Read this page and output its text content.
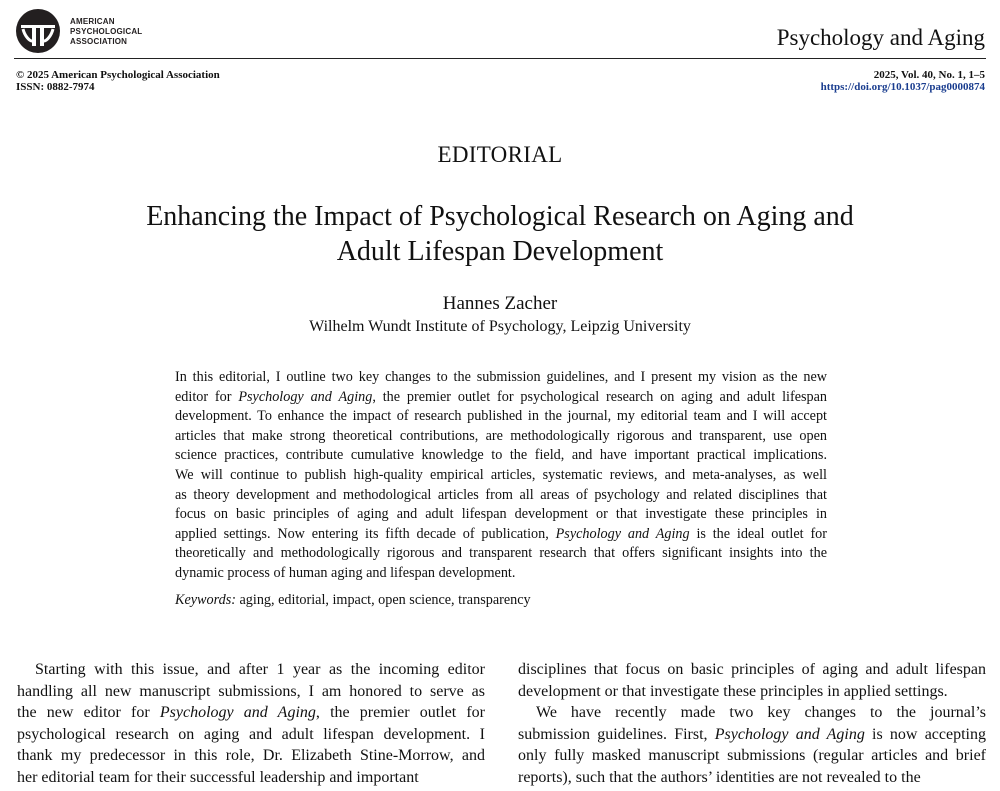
AMERICAN
PSYCHOLOGICAL
ASSOCIATION	Psychology and Aging
© 2025 American Psychological Association
ISSN: 0882-7974
2025, Vol. 40, No. 1, 1–5
https://doi.org/10.1037/pag0000874
EDITORIAL
Enhancing the Impact of Psychological Research on Aging and
Adult Lifespan Development
Hannes Zacher
Wilhelm Wundt Institute of Psychology, Leipzig University
In this editorial, I outline two key changes to the submission guidelines, and I present my vision as the new
editor for Psychology and Aging, the premier outlet for psychological research on aging and adult lifespan
development. To enhance the impact of research published in the journal, my editorial team and I will accept
articles that make strong theoretical contributions, are methodologically rigorous and transparent, use open
science practices, contribute cumulative knowledge to the field, and have important practical implications.
We will continue to publish high-quality empirical articles, systematic reviews, and meta-analyses, as well
as theory development and methodological articles from all areas of psychology and related disciplines that
focus on basic principles of aging and adult lifespan development or that investigate these principles in
applied settings. Now entering its fifth decade of publication, Psychology and Aging is the ideal outlet for
theoretically and methodologically rigorous and transparent research that offers significant insights into the
dynamic process of human aging and lifespan development.
Keywords: aging, editorial, impact, open science, transparency
Starting with this issue, and after 1 year as the incoming editor
handling all new manuscript submissions, I am honored to serve as
the new editor for Psychology and Aging, the premier outlet for
psychological research on aging and adult lifespan development. I
thank my predecessor in this role, Dr. Elizabeth Stine-Morrow, and
her editorial team for their successful leadership and important
disciplines that focus on basic principles of aging and adult lifespan
development or that investigate these principles in applied settings.
We have recently made two key changes to the journal’s
submission guidelines. First, Psychology and Aging is now accepting
only fully masked manuscript submissions (regular articles and brief
reports), such that the authors’ identities are not revealed to the
